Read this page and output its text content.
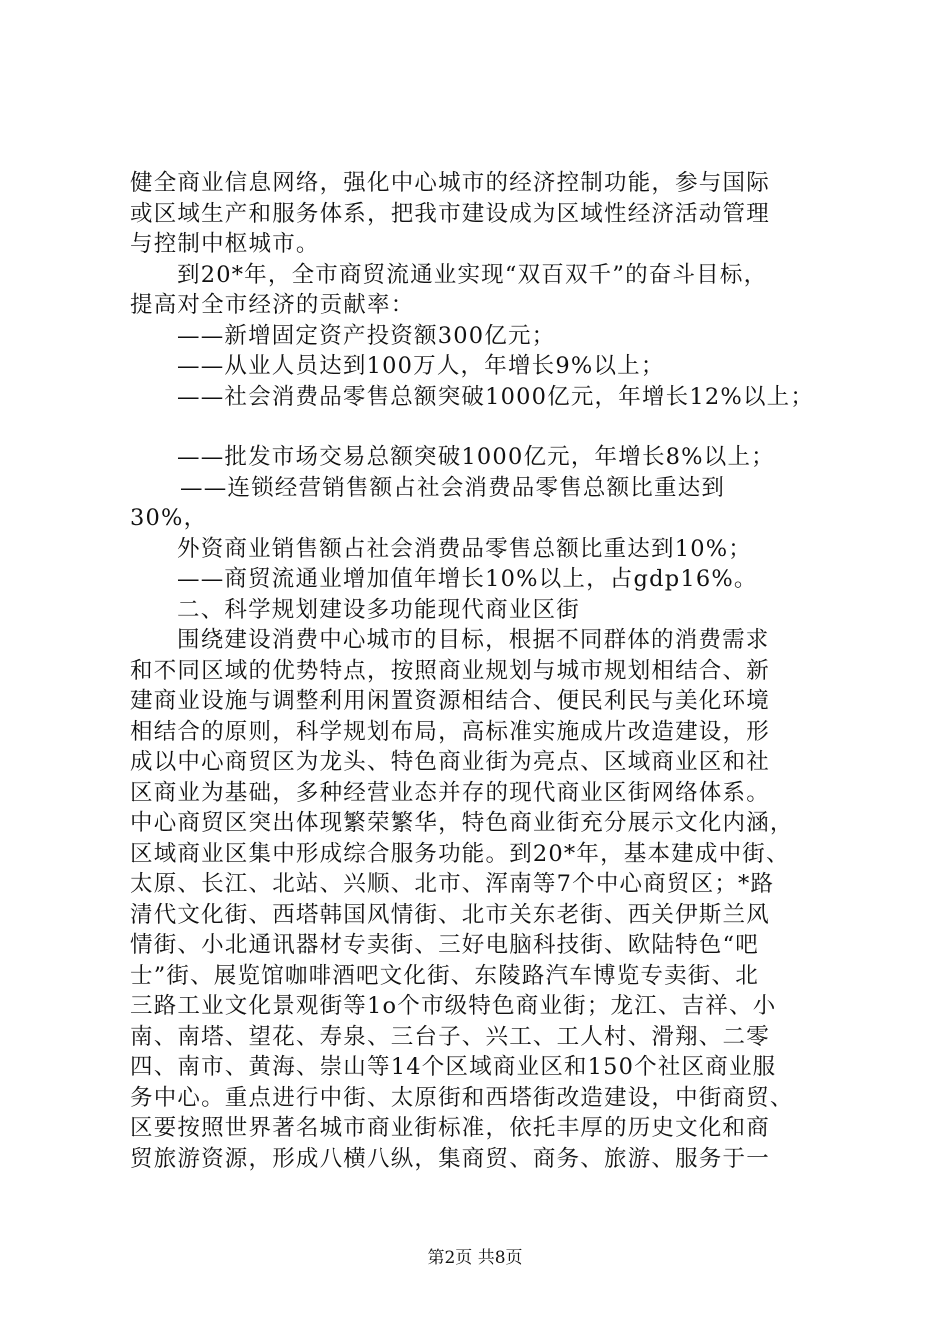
健全商业信息网络，强化中心城市的经济控制功能，参与国际
或区域生产和服务体系，把我市建设成为区域性经济活动管理
与控制中枢城市。
到20*年，全市商贸流通业实现“双百双千”的奋斗目标，
提高对全市经济的贡献率：
——新增固定资产投资额300亿元；
——从业人员达到100万人，年增长9%以上；
——社会消费品零售总额突破1000亿元，年增长12%以上；
——批发市场交易总额突破1000亿元，年增长8%以上；
——连锁经营销售额占社会消费品零售总额比重达到
30%，
外资商业销售额占社会消费品零售总额比重达到10%；
——商贸流通业增加值年增长10%以上，占gdp16%。
二、科学规划建设多功能现代商业区街
围绕建设消费中心城市的目标，根据不同群体的消费需求
和不同区域的优势特点，按照商业规划与城市规划相结合、新
建商业设施与调整利用闲置资源相结合、便民利民与美化环境
相结合的原则，科学规划布局，高标准实施成片改造建设，形
成以中心商贸区为龙头、特色商业街为亮点、区域商业区和社
区商业为基础，多种经营业态并存的现代商业区街网络体系。
中心商贸区突出体现繁荣繁华，特色商业街充分展示文化内涵，
区域商业区集中形成综合服务功能。到20*年，基本建成中街、
太原、长江、北站、兴顺、北市、浑南等7个中心商贸区；*路
清代文化街、西塔韩国风情街、北市关东老街、西关伊斯兰风
情街、小北通讯器材专卖街、三好电脑科技街、欧陆特色“吧
士”街、展览馆咖啡酒吧文化街、东陵路汽车博览专卖街、北
三路工业文化景观街等1o个市级特色商业街；龙江、吉祥、小
南、南塔、望花、寿泉、三台子、兴工、工人村、滑翔、二零
四、南市、黄海、崇山等14个区域商业区和150个社区商业服
务中心。重点进行中街、太原街和西塔街改造建设，中街商贸、
区要按照世界著名城市商业街标准，依托丰厚的历史文化和商
贸旅游资源，形成八横八纵，集商贸、商务、旅游、服务于一
第2页 共8页
